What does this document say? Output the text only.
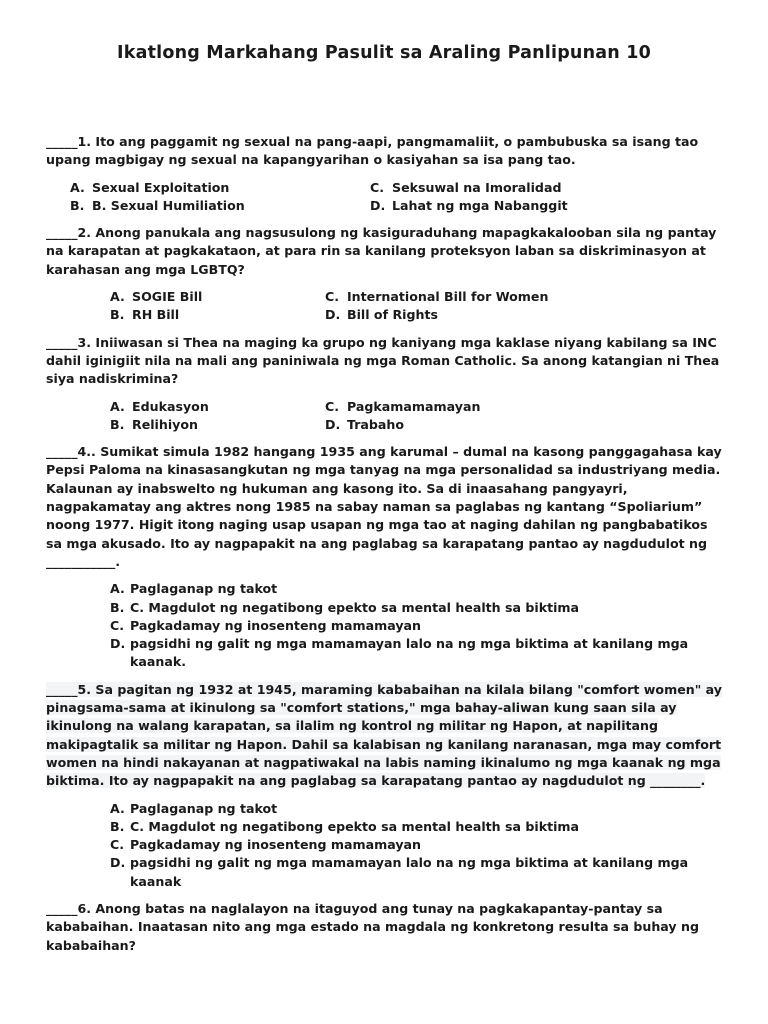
Ikatlong Markahang Pasulit sa Araling Panlipunan 10

_____1. Ito ang paggamit ng sexual na pang-aapi, pangmamaliit, o pambubuska sa isang tao upang magbigay ng sexual na kapangyarihan o kasiyahan sa isa pang tao.

A. Sexual Exploitation	C. Seksuwal na Imoralidad
B. B. Sexual Humiliation	D. Lahat ng mga Nabanggit

_____2. Anong panukala ang nagsusulong ng kasiguraduhang mapagkakalooban sila ng pantay na karapatan at pagkakataon, at para rin sa kanilang proteksyon laban sa diskriminasyon at karahasan ang mga LGBTQ?

A. SOGIE Bill	C. International Bill for Women
B. RH Bill	D. Bill of Rights

_____3. Iniiwasan si Thea na maging ka grupo ng kaniyang mga kaklase niyang kabilang sa INC dahil iginigiit nila na mali ang paniniwala ng mga Roman Catholic. Sa anong katangian ni Thea siya nadiskrimina?

A. Edukasyon	C. Pagkamamamayan
B. Relihiyon	D. Trabaho

_____4.. Sumikat simula 1982 hangang 1935 ang karumal – dumal na kasong panggagahasa kay Pepsi Paloma na kinasasangkutan ng mga tanyag na mga personalidad sa industriyang media. Kalaunan ay inabswelto ng hukuman ang kasong ito. Sa di inaasahang pangyayri, nagpakamatay ang aktres nong 1985 na sabay naman sa paglabas ng kantang “Spoliarium” noong 1977. Higit itong naging usap usapan ng mga tao at naging dahilan ng pangbabatikos sa mga akusado. Ito ay nagpapakit na ang paglabag sa karapatang pantao ay nagdudulot ng ___________.

A. Paglaganap ng takot
B. C. Magdulot ng negatibong epekto sa mental health sa biktima
C. Pagkadamay ng inosenteng mamamayan
D. pagsidhi ng galit ng mga mamamayan lalo na ng mga biktima at kanilang mga kaanak.

_____5. Sa pagitan ng 1932 at 1945, maraming kababaihan na kilala bilang "comfort women" ay pinagsama-sama at ikinulong sa "comfort stations," mga bahay-aliwan kung saan sila ay ikinulong na walang karapatan, sa ilalim ng kontrol ng militar ng Hapon, at napilitang makipagtalik sa militar ng Hapon. Dahil sa kalabisan ng kanilang naranasan, mga may comfort women na hindi nakayanan at nagpatiwakal na labis naming ikinalumo ng mga kaanak ng mga biktima. Ito ay nagpapakit na ang paglabag sa karapatang pantao ay nagdudulot ng ________.

A. Paglaganap ng takot
B. C. Magdulot ng negatibong epekto sa mental health sa biktima
C. Pagkadamay ng inosenteng mamamayan
D. pagsidhi ng galit ng mga mamamayan lalo na ng mga biktima at kanilang mga kaanak

_____6. Anong batas na naglalayon na itaguyod ang tunay na pagkakapantay-pantay sa kababaihan. Inaatasan nito ang mga estado na magdala ng konkretong resulta sa buhay ng kababaihan?
